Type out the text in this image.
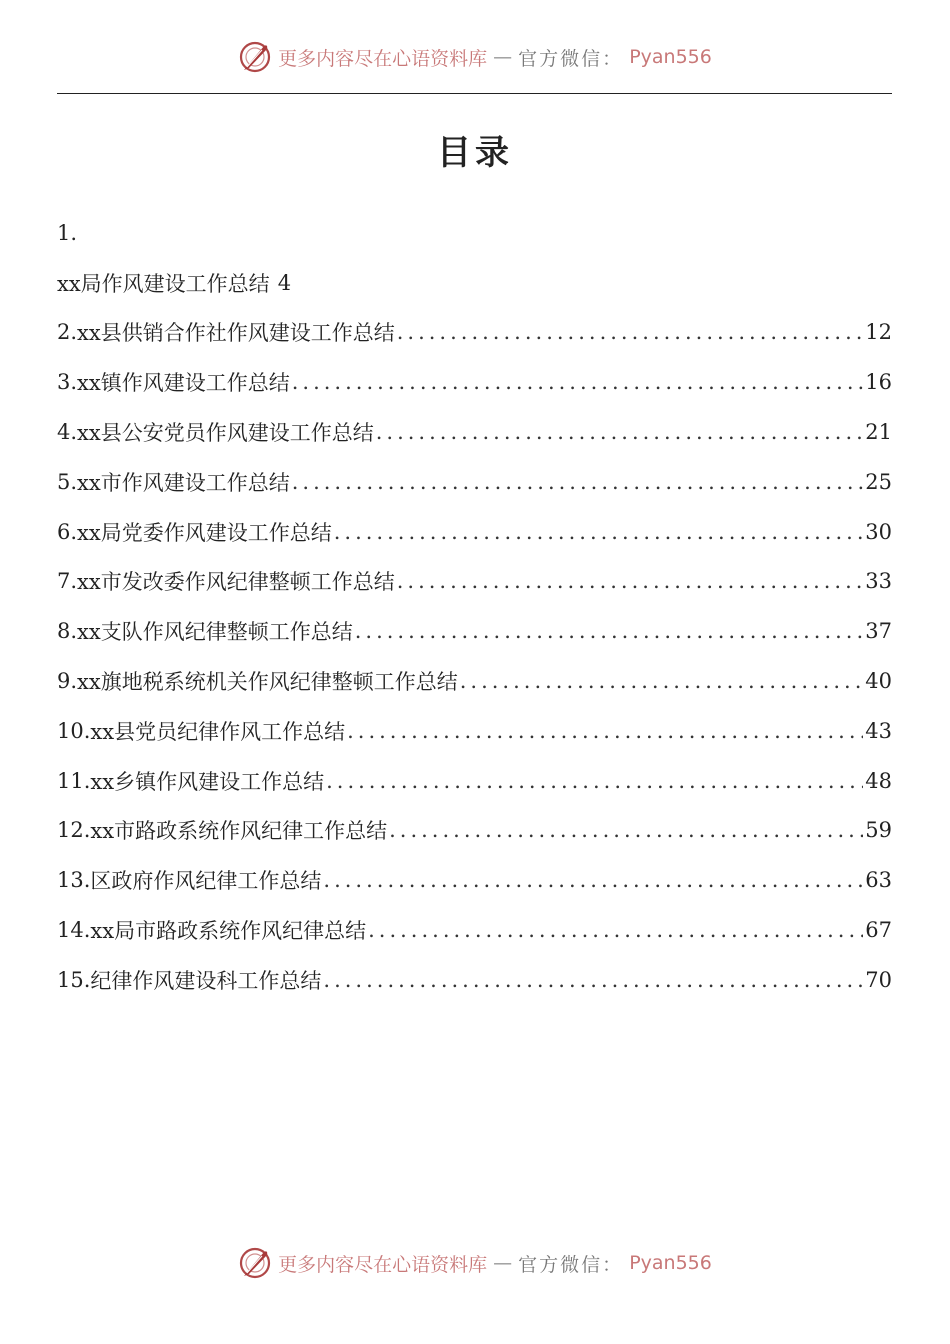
更多内容尽在心语资料库 — 官方微信： Pyan556
目录
1.
xx局作风建设工作总结 4
2. xx县供销合作社作风建设工作总结 .....	12
3. xx镇作风建设工作总结 .....	16
4. xx县公安党员作风建设工作总结 .....	21
5. xx市作风建设工作总结 .....	25
6. xx局党委作风建设工作总结 .....	30
7. xx市发改委作风纪律整顿工作总结 .....	33
8. xx支队作风纪律整顿工作总结 .....	37
9. xx旗地税系统机关作风纪律整顿工作总结 .....	40
10. xx县党员纪律作风工作总结 .....	43
11. xx乡镇作风建设工作总结 .....	48
12. xx市路政系统作风纪律工作总结 .....	59
13. 区政府作风纪律工作总结 .....	63
14. xx局市路政系统作风纪律总结 .....	67
15. 纪律作风建设科工作总结 .....	70
更多内容尽在心语资料库 — 官方微信： Pyan556
